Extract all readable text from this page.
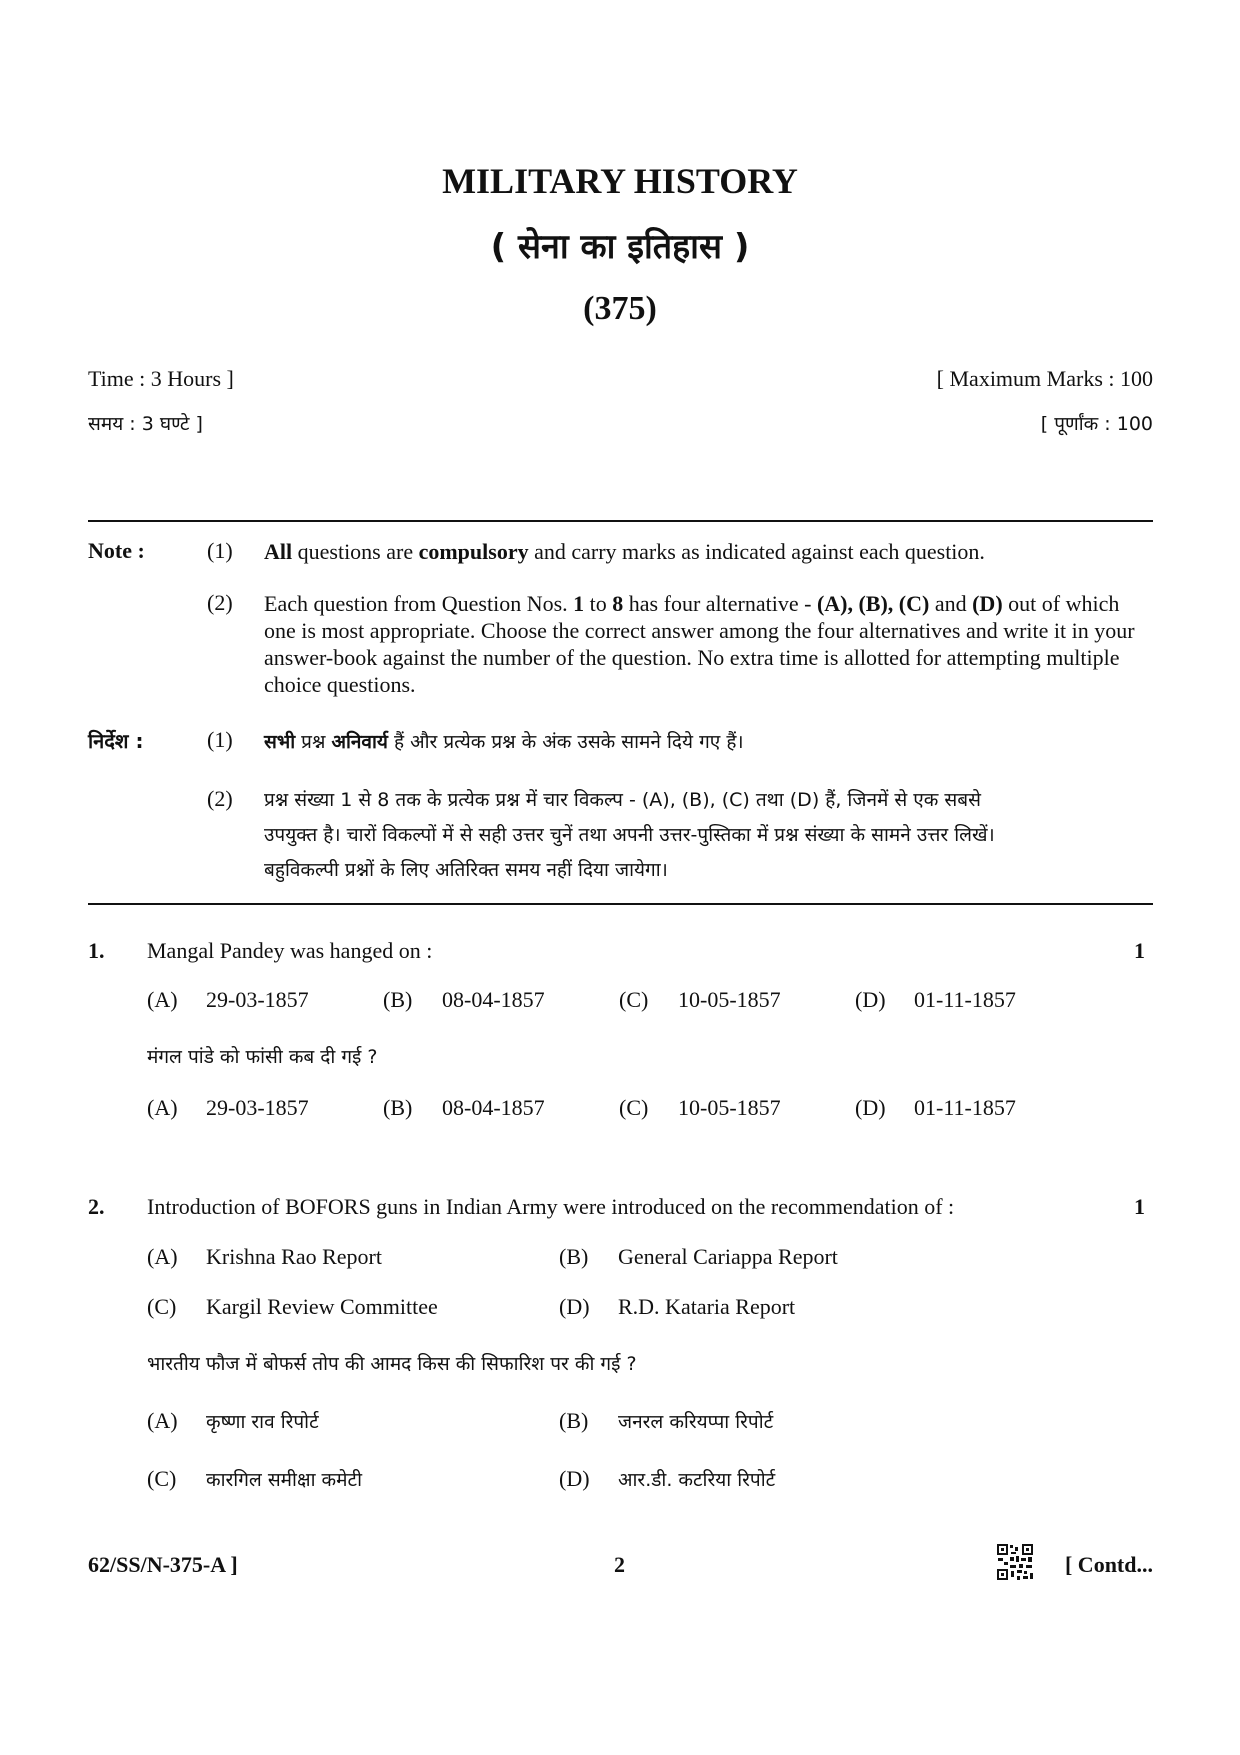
MILITARY HISTORY
( सेना का इतिहास )
(375)
Time : 3 Hours ]
समय : 3 घण्टे ]
[ Maximum Marks : 100
[ पूर्णांक : 100
Note :	(1) All questions are compulsory and carry marks as indicated against each question.
(2) Each question from Question Nos. 1 to 8 has four alternative - (A), (B), (C) and (D) out of which one is most appropriate. Choose the correct answer among the four alternatives and write it in your answer-book against the number of the question. No extra time is allotted for attempting multiple choice questions.
निर्देश :	(1) सभी प्रश्न अनिवार्य हैं और प्रत्येक प्रश्न के अंक उसके सामने दिये गए हैं।
(2) प्रश्न संख्या 1 से 8 तक के प्रत्येक प्रश्न में चार विकल्प - (A), (B), (C) तथा (D) हैं, जिनमें से एक सबसे
उपयुक्त है। चारों विकल्पों में से सही उत्तर चुनें तथा अपनी उत्तर-पुस्तिका में प्रश्न संख्या के सामने उत्तर लिखें।
बहुविकल्पी प्रश्नों के लिए अतिरिक्त समय नहीं दिया जायेगा।
1. Mangal Pandey was hanged on :	1
(A) 29-03-1857	(B) 08-04-1857	(C) 10-05-1857	(D) 01-11-1857
मंगल पांडे को फांसी कब दी गई ?
(A) 29-03-1857	(B) 08-04-1857	(C) 10-05-1857	(D) 01-11-1857
2. Introduction of BOFORS guns in Indian Army were introduced on the recommendation of :	1
(A) Krishna Rao Report	(B) General Cariappa Report
(C) Kargil Review Committee	(D) R.D. Kataria Report
भारतीय फौज में बोफर्स तोप की आमद किस की सिफारिश पर की गई ?
(A) कृष्णा राव रिपोर्ट	(B) जनरल करियप्पा रिपोर्ट
(C) कारगिल समीक्षा कमेटी	(D) आर.डी. कटरिया रिपोर्ट
62/SS/N-375-A ]	2	[ Contd...
